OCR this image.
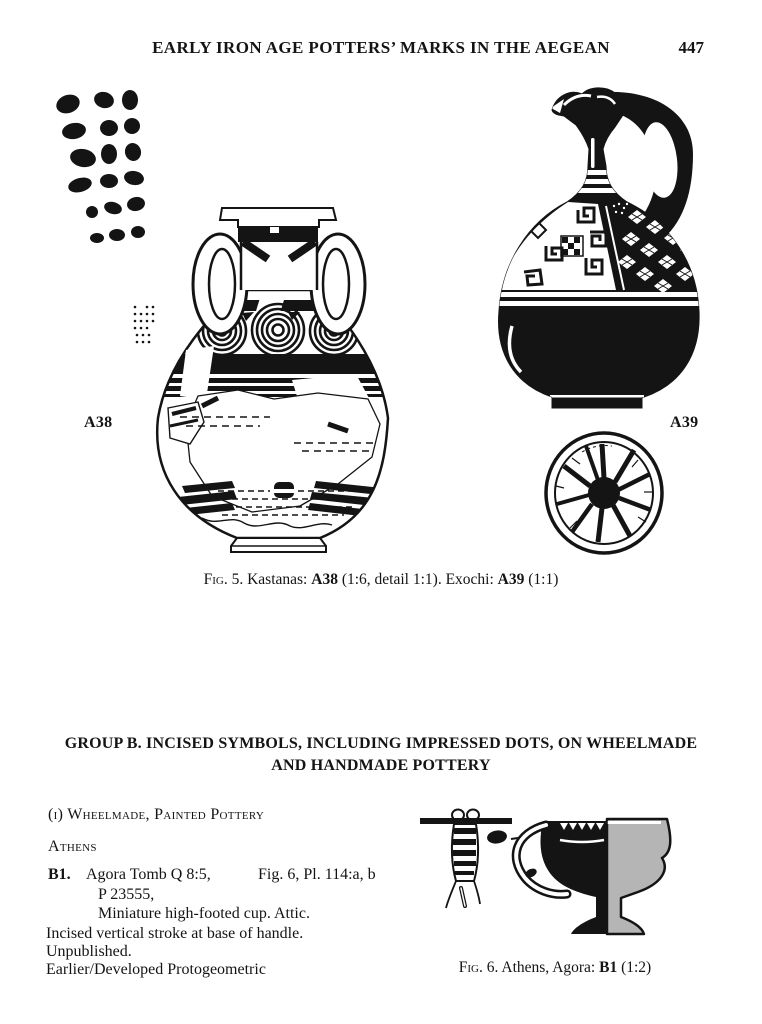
EARLY IRON AGE POTTERS’ MARKS IN THE AEGEAN	447
A38	A39
Fig. 5. Kastanas: A38 (1:6, detail 1:1). Exochi: A39 (1:1)
GROUP B. INCISED SYMBOLS, INCLUDING IMPRESSED DOTS, ON WHEELMADE
AND HANDMADE POTTERY
(i) Wheelmade, Painted Pottery
Athens
B1. Agora Tomb Q 8:5,	Fig. 6, Pl. 114:a, b
P 23555,
Miniature high-footed cup. Attic.
Incised vertical stroke at base of handle.
Unpublished.
Earlier/Developed Protogeometric	Fig. 6. Athens, Agora: B1 (1:2)
